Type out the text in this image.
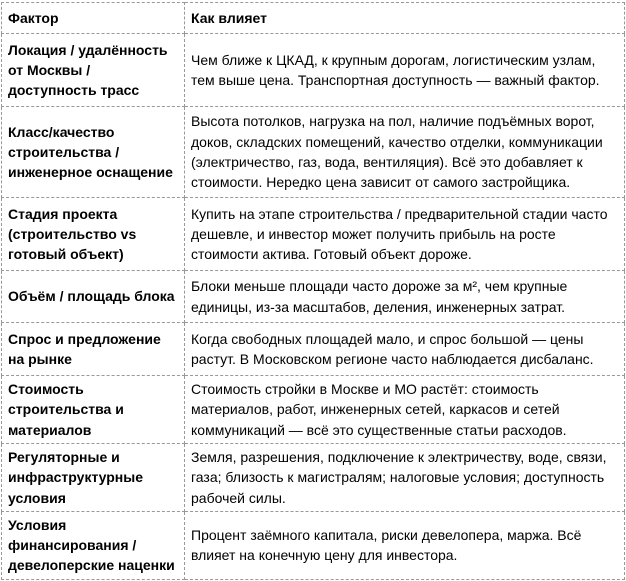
Фактор	Как влияет
Локация / удалённость от Москвы / доступность трасс	Чем ближе к ЦКАД, к крупным дорогам, логистическим узлам, тем выше цена. Транспортная доступность — важный фактор.
Класс/качество строительства / инженерное оснащение	Высота потолков, нагрузка на пол, наличие подъёмных ворот, доков, складских помещений, качество отделки, коммуникации (электричество, газ, вода, вентиляция). Всё это добавляет к стоимости. Нередко цена зависит от самого застройщика.
Стадия проекта (строительство vs готовый объект)	Купить на этапе строительства / предварительной стадии часто дешевле, и инвестор может получить прибыль на росте стоимости актива. Готовый объект дороже.
Объём / площадь блока	Блоки меньше площади часто дороже за м², чем крупные единицы, из-за масштабов, деления, инженерных затрат.
Спрос и предложение на рынке	Когда свободных площадей мало, и спрос большой — цены растут. В Московском регионе часто наблюдается дисбаланс.
Стоимость строительства и материалов	Стоимость стройки в Москве и МО растёт: стоимость материалов, работ, инженерных сетей, каркасов и сетей коммуникаций — всё это существенные статьи расходов.
Регуляторные и инфраструктурные условия	Земля, разрешения, подключение к электричеству, воде, связи, газа; близость к магистралям; налоговые условия; доступность рабочей силы.
Условия финансирования / девелоперские наценки	Процент заёмного капитала, риски девелопера, маржа. Всё влияет на конечную цену для инвестора.
